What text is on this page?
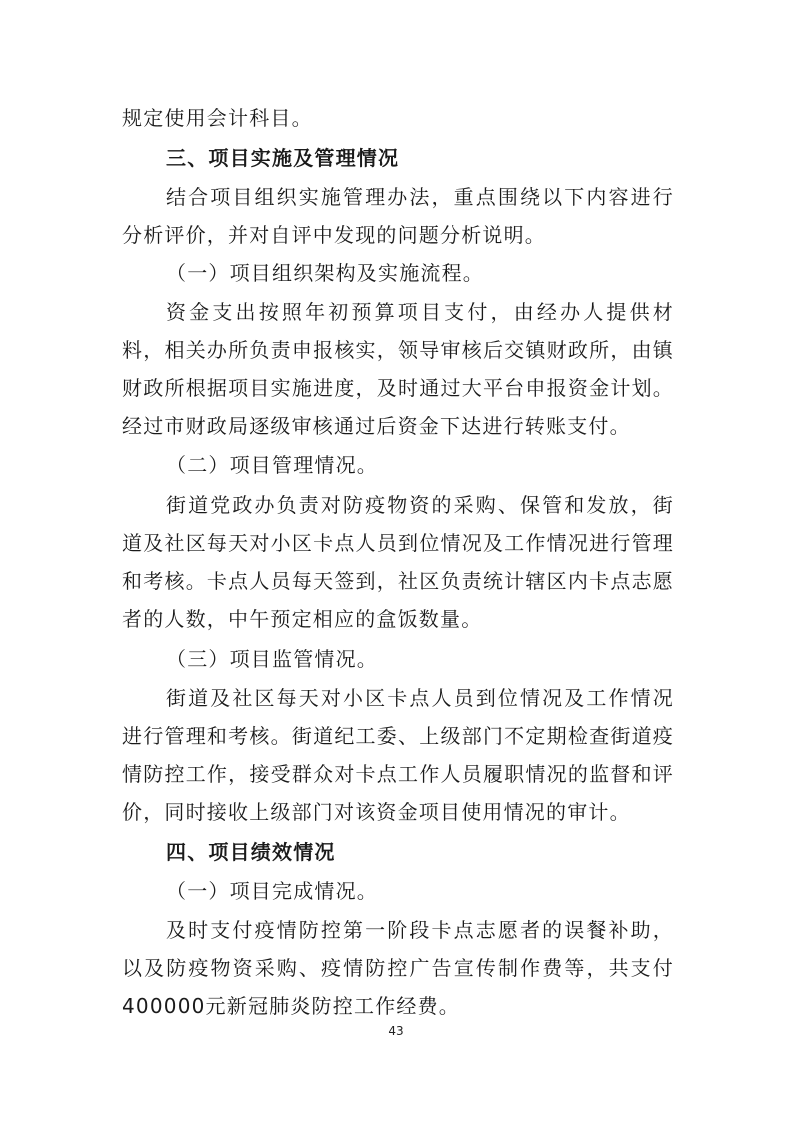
规定使用会计科目。
三、项目实施及管理情况
结合项目组织实施管理办法，重点围绕以下内容进行分析评价，并对自评中发现的问题分析说明。
（一）项目组织架构及实施流程。
资金支出按照年初预算项目支付，由经办人提供材料，相关办所负责申报核实，领导审核后交镇财政所，由镇财政所根据项目实施进度，及时通过大平台申报资金计划。经过市财政局逐级审核通过后资金下达进行转账支付。
（二）项目管理情况。
街道党政办负责对防疫物资的采购、保管和发放，街道及社区每天对小区卡点人员到位情况及工作情况进行管理和考核。卡点人员每天签到，社区负责统计辖区内卡点志愿者的人数，中午预定相应的盒饭数量。
（三）项目监管情况。
街道及社区每天对小区卡点人员到位情况及工作情况进行管理和考核。街道纪工委、上级部门不定期检查街道疫情防控工作，接受群众对卡点工作人员履职情况的监督和评价，同时接收上级部门对该资金项目使用情况的审计。
四、项目绩效情况
（一）项目完成情况。
及时支付疫情防控第一阶段卡点志愿者的误餐补助，以及防疫物资采购、疫情防控广告宣传制作费等，共支付400000元新冠肺炎防控工作经费。
43
